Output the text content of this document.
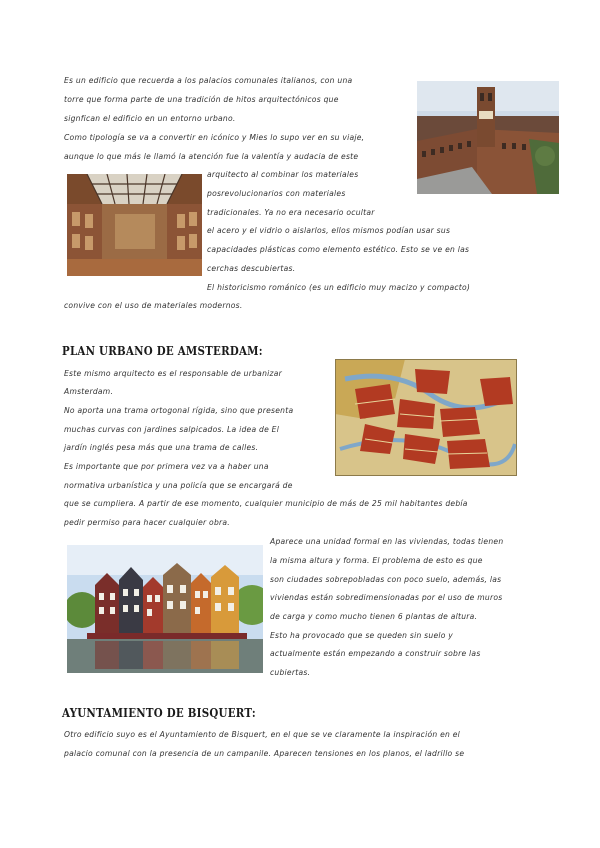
Es un edificio que recuerda a los palacios comunales italianos, con una
torre que forma parte de una tradición de hitos arquitectónicos que
signfican el edificio en un entorno urbano.
Como tipología se va a convertir en icónico y Mies lo supo ver en su viaje,
aunque lo que más le llamó la atención fue la valentía y audacia de este
arquitecto al combinar los materiales
posrevolucionarios con materiales
tradicionales. Ya no era necesario ocultar
el acero y el vidrio o aislarlos, ellos mismos podían usar sus
capacidades plásticas como elemento estético. Esto se ve en las
cerchas descubiertas.
El historicismo románico (es un edificio muy macizo y compacto)
convive con el uso de materiales modernos.
PLAN URBANO DE AMSTERDAM:
Este mismo arquitecto es el responsable de urbanizar
Amsterdam.
No aporta una trama ortogonal rígida, sino que presenta
muchas curvas con jardines salpicados. La idea de El
jardín inglés pesa más que una trama de calles.
Es importante que por primera vez va a haber una
normativa urbanística y una policía que se encargará de
que se cumpliera. A partir de ese momento, cualquier municipio de más de 25 mil habitantes debía
pedir permiso para hacer cualquier obra.
Aparece una unidad formal en las viviendas, todas tienen
la misma altura y forma. El problema de esto es que
son ciudades sobrepobladas con poco suelo, además, las
viviendas están sobredimensionadas por el uso de muros
de carga y como mucho tienen 6 plantas de altura.
Esto ha provocado que se queden sin suelo y
actualmente están empezando a construir sobre las
cubiertas.
AYUNTAMIENTO DE BISQUERT:
Otro edificio suyo es el Ayuntamiento de Bisquert, en el que se ve claramente la inspiración en el
palacio comunal con la presencia de un campanile. Aparecen tensiones en los planos, el ladrillo se
